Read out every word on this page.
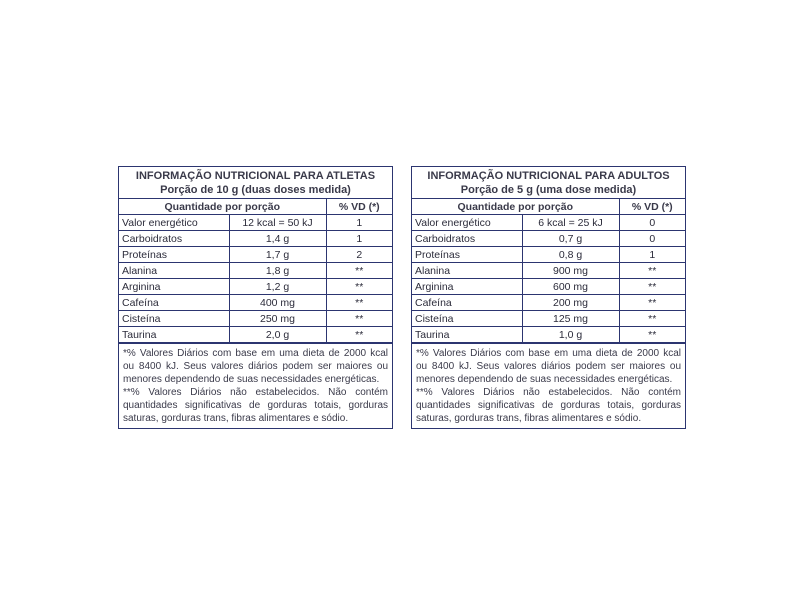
INFORMAÇÃO NUTRICIONAL PARA ATLETAS
Porção de 10 g (duas doses medida)
Quantidade por porção		% VD (*)
Valor energético	12 kcal = 50 kJ	1
Carboidratos	1,4 g	1
Proteínas	1,7 g	2
Alanina	1,8 g	**
Arginina	1,2 g	**
Cafeína	400 mg	**
Cisteína	250 mg	**
Taurina	2,0 g	**

*% Valores Diários com base em uma dieta de 2000 kcal ou 8400 kJ. Seus valores diários podem ser maiores ou menores dependendo de suas necessidades energéticas.

**% Valores Diários não estabelecidos. Não contém quantidades significativas de gorduras totais, gorduras saturas, gorduras trans, fibras alimentares e sódio.

INFORMAÇÃO NUTRICIONAL PARA ADULTOS
Porção de 5 g (uma dose medida)
Quantidade por porção		% VD (*)
Valor energético	6 kcal = 25 kJ	0
Carboidratos	0,7 g	0
Proteínas	0,8 g	1
Alanina	900 mg	**
Arginina	600 mg	**
Cafeína	200 mg	**
Cisteína	125 mg	**
Taurina	1,0 g	**

*% Valores Diários com base em uma dieta de 2000 kcal ou 8400 kJ. Seus valores diários podem ser maiores ou menores dependendo de suas necessidades energéticas.

**% Valores Diários não estabelecidos. Não contém quantidades significativas de gorduras totais, gorduras saturas, gorduras trans, fibras alimentares e sódio.
